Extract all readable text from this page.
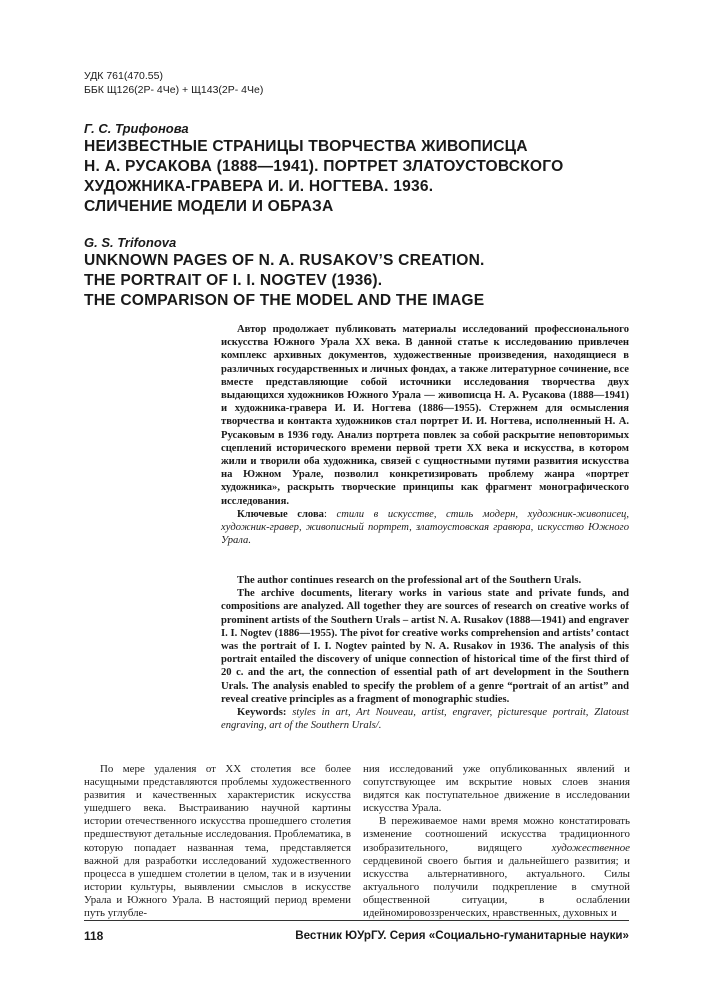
УДК 761(470.55)
ББК Щ126(2Р- 4Че) + Щ143(2Р- 4Че)
Г. С. Трифонова
НЕИЗВЕСТНЫЕ СТРАНИЦЫ ТВОРЧЕСТВА ЖИВОПИСЦА
Н. А. РУСАКОВА (1888—1941). ПОРТРЕТ ЗЛАТОУСТОВСКОГО
ХУДОЖНИКА-ГРАВЕРА И. И. НОГТЕВА. 1936.
СЛИЧЕНИЕ МОДЕЛИ И ОБРАЗА
G. S. Trifonova
UNKNOWN PAGES OF N. A. RUSAKOV’S CREATION.
THE PORTRAIT OF I. I. NOGTEV (1936).
THE COMPARISON OF THE MODEL AND THE IMAGE

Автор продолжает публиковать материалы исследований профессионального искусства Южного Урала XX века. В данной статье к исследованию привлечен комплекс архивных документов, художественные произведения, находящиеся в различных государственных и личных фондах, а также литературное сочинение, все вместе представляющие собой источники исследования творчества двух выдающихся художников Южного Урала — живописца Н. А. Русакова (1888—1941) и художника-гравера И. И. Ногтева (1886—1955). Стержнем для осмысления творчества и контакта художников стал портрет И. И. Ногтева, исполненный Н. А. Русаковым в 1936 году. Анализ портрета повлек за собой раскрытие неповторимых сцеплений исторического времени первой трети XX века и искусства, в котором жили и творили оба художника, связей с сущностными путями развития искусства на Южном Урале, позволил конкретизировать проблему жанра «портрет художника», раскрыть творческие принципы как фрагмент монографического исследования.

Ключевые слова: стили в искусстве, стиль модерн, художник-живописец, художник-гравер, живописный портрет, златоустовская гравюра, искусство Южного Урала.

The author continues research on the professional art of the Southern Urals.

The archive documents, literary works in various state and private funds, and compositions are analyzed. All together they are sources of research on creative works of prominent artists of the Southern Urals – artist N. A. Rusakov (1888—1941) and engraver I. I. Nogtev (1886—1955). The pivot for creative works comprehension and artists’ contact was the portrait of I. I. Nogtev painted by N. A. Rusakov in 1936. The analysis of this portrait entailed the discovery of unique connection of historical time of the first third of 20 c. and the art, the connection of essential path of art development in the Southern Urals. The analysis enabled to specify the problem of a genre “portrait of an artist” and reveal creative principles as a fragment of monographic studies.

Keywords: styles in art, Art Nouveau, artist, engraver, picturesque portrait, Zlatoust engraving, art of the Southern Urals/.

По мере удаления от XX столетия все более насущными представляются проблемы художественного развития и качественных характеристик искусства ушедшего века. Выстраиванию научной картины истории отечественного искусства прошедшего столетия предшествуют детальные исследования. Проблематика, в которую попадает названная тема, представляется важной для разработки исследований художественного процесса в ушедшем столетии в целом, так и в изучении истории культуры, выявлении смыслов в искусстве Урала и Южного Урала. В настоящий период времени путь углубле-

ния исследований уже опубликованных явлений и сопутствующее им вскрытие новых слоев знания видятся как поступательное движение в исследовании искусства Урала.

В переживаемое нами время можно констатировать изменение соотношений искусства традиционного изобразительного, видящего художественное сердцевиной своего бытия и дальнейшего развития; и искусства альтернативного, актуального. Силы актуального получили подкрепление в смутной общественной ситуации, в ослаблении идейномировоззренческих, нравственных, духовных и

118	Вестник ЮУрГУ. Серия «Социально-гуманитарные науки»
